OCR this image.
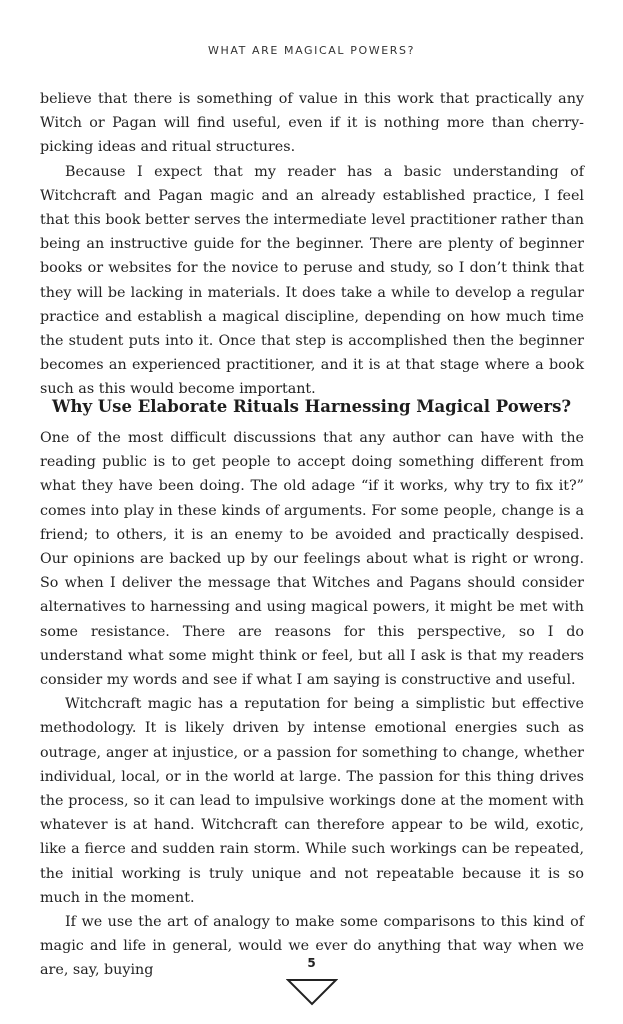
WHAT ARE MAGICAL POWERS?

believe that there is something of value in this work that practically any Witch or Pagan will find useful, even if it is nothing more than cherry-picking ideas and ritual structures.

Because I expect that my reader has a basic understanding of Witchcraft and Pagan magic and an already established practice, I feel that this book better serves the intermediate level practitioner rather than being an instructive guide for the beginner. There are plenty of beginner books or websites for the novice to peruse and study, so I don’t think that they will be lacking in materials. It does take a while to develop a regular practice and establish a magical discipline, depending on how much time the student puts into it. Once that step is accomplished then the beginner becomes an experienced practitioner, and it is at that stage where a book such as this would become important.

Why Use Elaborate Rituals Harnessing Magical Powers?

One of the most difficult discussions that any author can have with the reading public is to get people to accept doing something different from what they have been doing. The old adage “if it works, why try to fix it?” comes into play in these kinds of arguments. For some people, change is a friend; to others, it is an enemy to be avoided and practically despised. Our opinions are backed up by our feelings about what is right or wrong. So when I deliver the message that Witches and Pagans should consider alternatives to harnessing and using magical powers, it might be met with some resistance. There are reasons for this perspective, so I do understand what some might think or feel, but all I ask is that my readers consider my words and see if what I am saying is constructive and useful.

Witchcraft magic has a reputation for being a simplistic but effective methodology. It is likely driven by intense emotional energies such as outrage, anger at injustice, or a passion for something to change, whether individual, local, or in the world at large. The passion for this thing drives the process, so it can lead to impulsive workings done at the moment with whatever is at hand. Witchcraft can therefore appear to be wild, exotic, like a fierce and sudden rain storm. While such workings can be repeated, the initial working is truly unique and not repeatable because it is so much in the moment.

If we use the art of analogy to make some comparisons to this kind of magic and life in general, would we ever do anything that way when we are, say, buying	5
